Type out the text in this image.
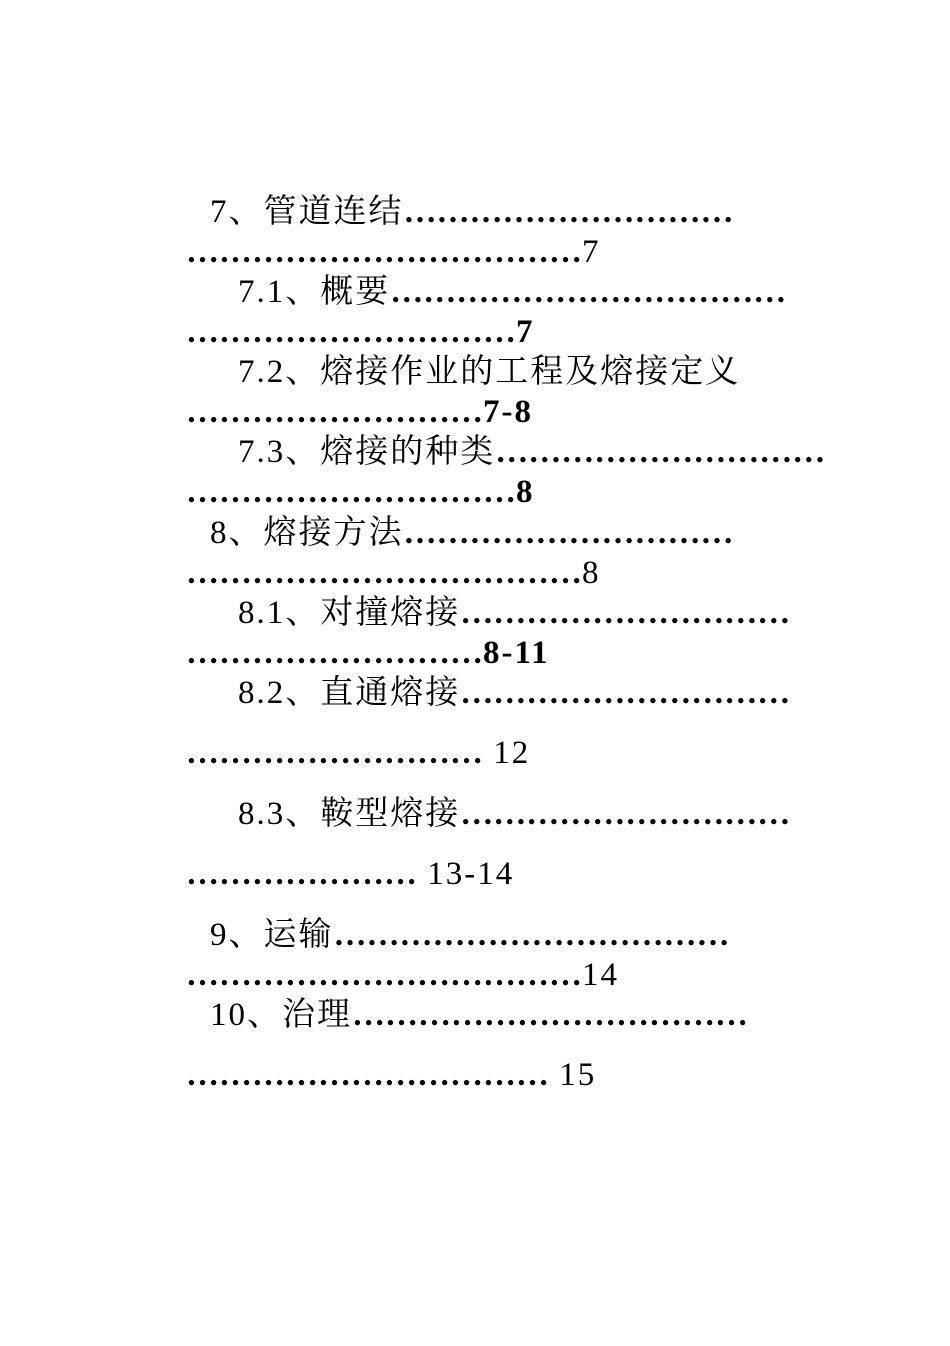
7、管道连结…………………………
………………………………7
7.1、概要………………………………
…………………………7
7.2、熔接作业的工程及熔接定义
………………………7-8
7.3、熔接的种类…………………………
…………………………8
8、熔接方法…………………………
………………………………8
8.1、对撞熔接…………………………
………………………8-11
8.2、直通熔接…………………………
……………………… 12
8.3、鞍型熔接…………………………
………………… 13-14
9、运输………………………………
………………………………14
10、治理………………………………
…………………………… 15
